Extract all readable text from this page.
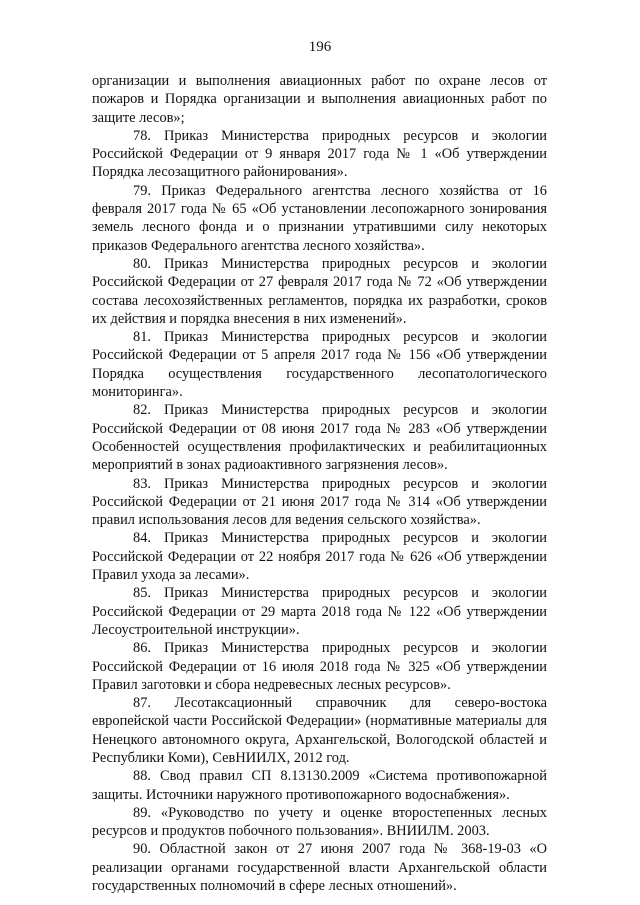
196

организации и выполнения авиационных работ по охране лесов от пожаров и Порядка организации и выполнения авиационных работ по защите лесов»;

78. Приказ Министерства природных ресурсов и экологии Российской Федерации от 9 января 2017 года № 1 «Об утверждении Порядка лесозащитного районирования».

79. Приказ Федерального агентства лесного хозяйства от 16 февраля 2017 года № 65 «Об установлении лесопожарного зонирования земель лесного фонда и о признании утратившими силу некоторых приказов Федерального агентства лесного хозяйства».

80. Приказ Министерства природных ресурсов и экологии Российской Федерации от 27 февраля 2017 года № 72 «Об утверждении состава лесохозяйственных регламентов, порядка их разработки, сроков их действия и порядка внесения в них изменений».

81. Приказ Министерства природных ресурсов и экологии Российской Федерации от 5 апреля 2017 года № 156 «Об утверждении Порядка осуществления государственного лесопатологического мониторинга».

82. Приказ Министерства природных ресурсов и экологии Российской Федерации от 08 июня 2017 года № 283 «Об утверждении Особенностей осуществления профилактических и реабилитационных мероприятий в зонах радиоактивного загрязнения лесов».

83. Приказ Министерства природных ресурсов и экологии Российской Федерации от 21 июня 2017 года № 314 «Об утверждении правил использования лесов для ведения сельского хозяйства».

84. Приказ Министерства природных ресурсов и экологии Российской Федерации от 22 ноября 2017 года № 626 «Об утверждении Правил ухода за лесами».

85. Приказ Министерства природных ресурсов и экологии Российской Федерации от 29 марта 2018 года № 122 «Об утверждении Лесоустроительной инструкции».

86. Приказ Министерства природных ресурсов и экологии Российской Федерации от 16 июля 2018 года № 325 «Об утверждении Правил заготовки и сбора недревесных лесных ресурсов».

87. Лесотаксационный справочник для северо-востока европейской части Российской Федерации» (нормативные материалы для Ненецкого автономного округа, Архангельской, Вологодской областей и Республики Коми), СевНИИЛХ, 2012 год.

88. Свод правил СП 8.13130.2009 «Система противопожарной защиты. Источники наружного противопожарного водоснабжения».

89. «Руководство по учету и оценке второстепенных лесных ресурсов и продуктов побочного пользования». ВНИИЛМ. 2003.

90. Областной закон от 27 июня 2007 года № 368-19-03 «О реализации органами государственной власти Архангельской области государственных полномочий в сфере лесных отношений».
